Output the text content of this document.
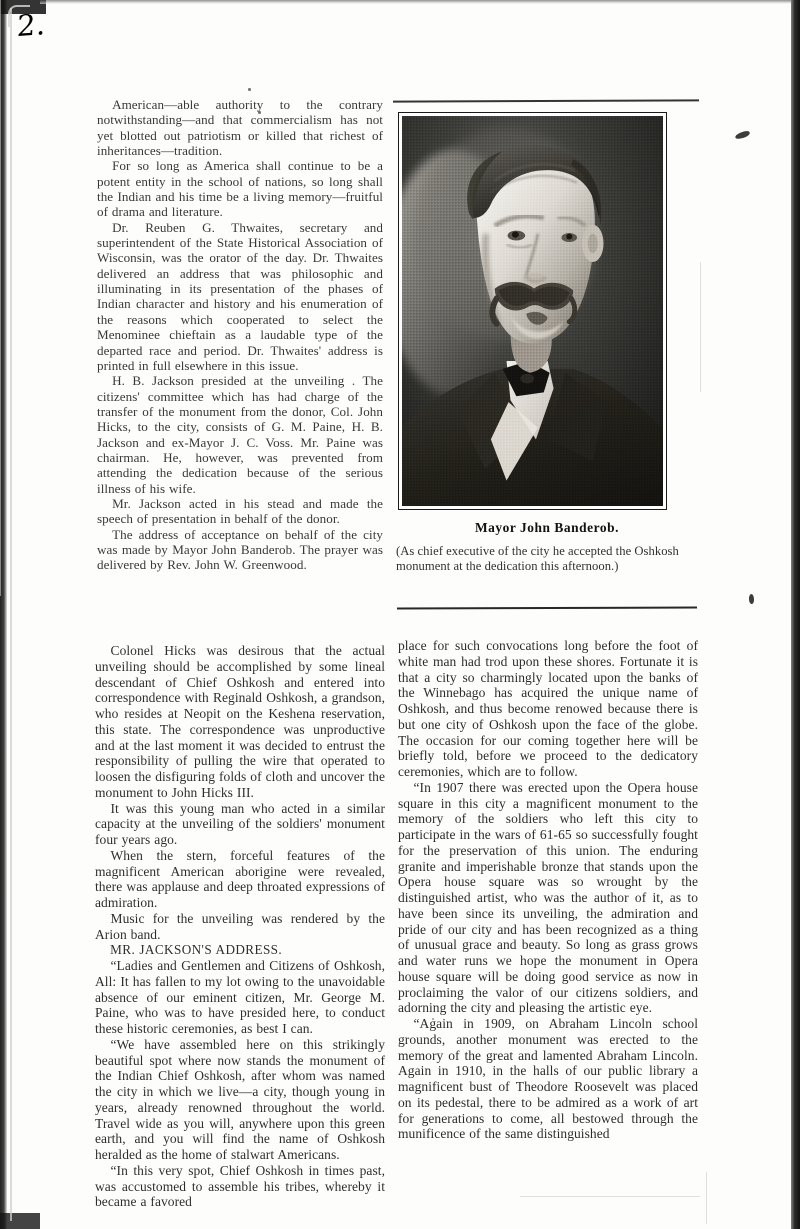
2.

American—able authority to the contrary notwithstanding—and that commercialism has not yet blotted out patriotism or killed that richest of inheritances—tradition.

For so long as America shall continue to be a potent entity in the school of nations, so long shall the Indian and his time be a living memory—fruitful of drama and literature.

Dr. Reuben G. Thwaites, secretary and superintendent of the State Historical Association of Wisconsin, was the orator of the day. Dr. Thwaites delivered an address that was philosophic and illuminating in its presentation of the phases of Indian character and history and his enumeration of the reasons which cooperated to select the Menominee chieftain as a laudable type of the departed race and period. Dr. Thwaites' address is printed in full elsewhere in this issue.

H. B. Jackson presided at the unveiling . The citizens' committee which has had charge of the transfer of the monument from the donor, Col. John Hicks, to the city, consists of G. M. Paine, H. B. Jackson and ex-Mayor J. C. Voss. Mr. Paine was chairman. He, however, was prevented from attending the dedication because of the serious illness of his wife.

Mr. Jackson acted in his stead and made the speech of presentation in behalf of the donor.

The address of acceptance on behalf of the city was made by Mayor John Banderob. The prayer was delivered by Rev. John W. Greenwood.

Colonel Hicks was desirous that the actual unveiling should be accomplished by some lineal descendant of Chief Oshkosh and entered into correspondence with Reginald Oshkosh, a grandson, who resides at Neopit on the Keshena reservation, this state. The correspondence was unproductive and at the last moment it was decided to entrust the responsibility of pulling the wire that operated to loosen the disfiguring folds of cloth and uncover the monument to John Hicks III.

It was this young man who acted in a similar capacity at the unveiling of the soldiers' monument four years ago.

When the stern, forceful features of the magnificent American aborigine were revealed, there was applause and deep throated expressions of admiration.

Music for the unveiling was rendered by the Arion band.

MR. JACKSON'S ADDRESS.

“Ladies and Gentlemen and Citizens of Oshkosh, All: It has fallen to my lot owing to the unavoidable absence of our eminent citizen, Mr. George M. Paine, who was to have presided here, to conduct these historic ceremonies, as best I can.

“We have assembled here on this strikingly beautiful spot where now stands the monument of the Indian Chief Oshkosh, after whom was named the city in which we live—a city, though young in years, already renowned throughout the world. Travel wide as you will, anywhere upon this green earth, and you will find the name of Oshkosh heralded as the home of stalwart Americans.

“In this very spot, Chief Oshkosh in times past, was accustomed to assemble his tribes, whereby it became a favored

Mayor John Banderob.
(As chief executive of the city he accepted the Oshkosh monument at the dedication this afternoon.)

place for such convocations long before the foot of white man had trod upon these shores. Fortunate it is that a city so charmingly located upon the banks of the Winnebago has acquired the unique name of Oshkosh, and thus become renowed because there is but one city of Oshkosh upon the face of the globe. The occasion for our coming together here will be briefly told, before we proceed to the dedicatory ceremonies, which are to follow.

“In 1907 there was erected upon the Opera house square in this city a magnificent monument to the memory of the soldiers who left this city to participate in the wars of 61-65 so successfully fought for the preservation of this union. The enduring granite and imperishable bronze that stands upon the Opera house square was so wrought by the distinguished artist, who was the author of it, as to have been since its unveiling, the admiration and pride of our city and has been recognized as a thing of unusual grace and beauty. So long as grass grows and water runs we hope the monument in Opera house square will be doing good service as now in proclaiming the valor of our citizens soldiers, and adorning the city and pleasing the artistic eye.

“Again in 1909, on Abraham Lincoln school grounds, another monument was erected to the memory of the great and lamented Abraham Lincoln. Again in 1910, in the halls of our public library a magnificent bust of Theodore Roosevelt was placed on its pedestal, there to be admired as a work of art for generations to come, all bestowed through the munificence of the same distinguished
